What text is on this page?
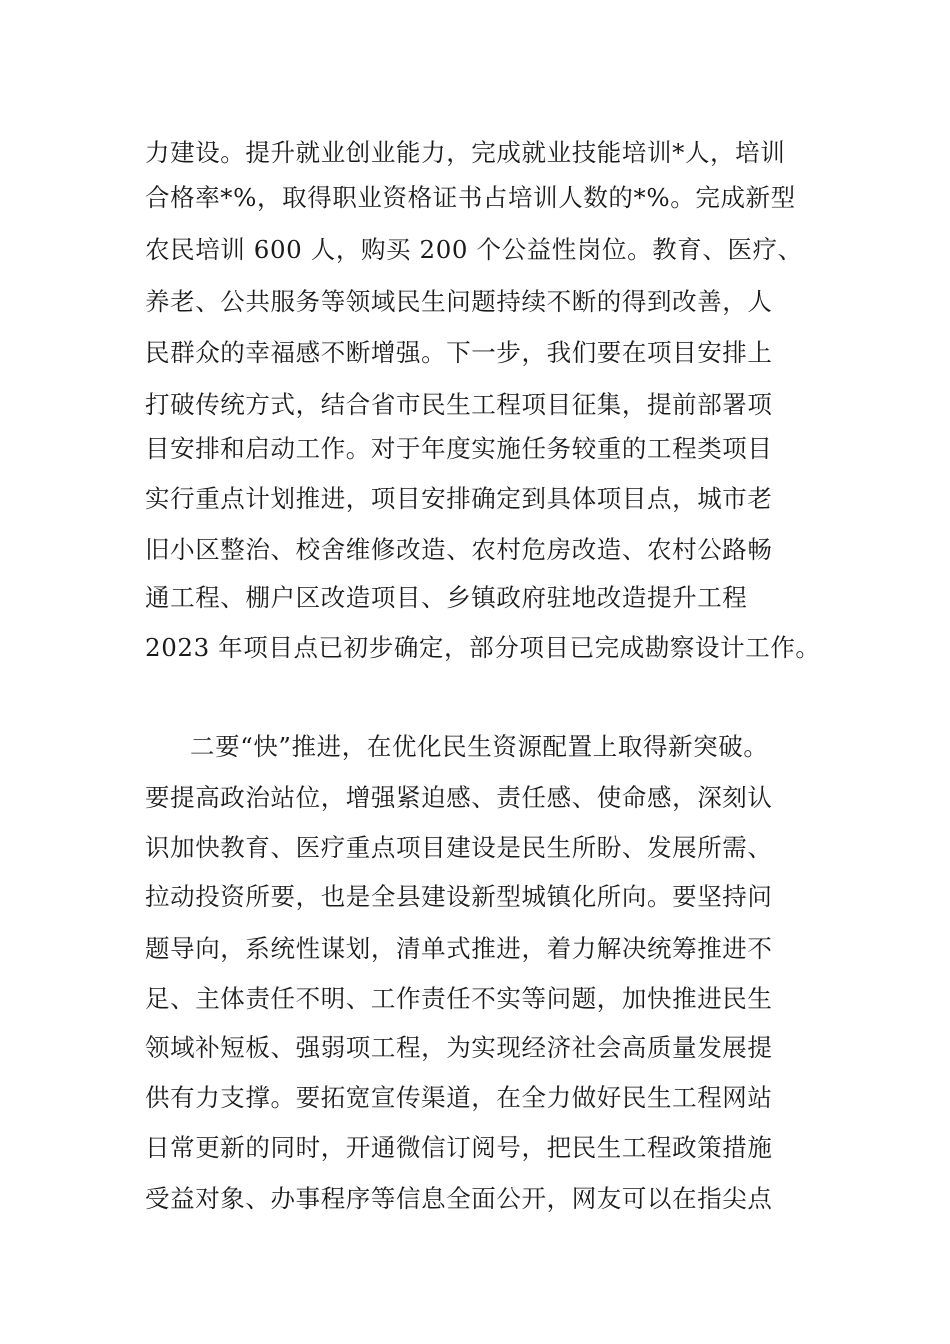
力建设。提升就业创业能力，完成就业技能培训*人，培训
合格率*%，取得职业资格证书占培训人数的*%。完成新型
农民培训 600 人，购买 200 个公益性岗位。教育、医疗、
养老、公共服务等领域民生问题持续不断的得到改善，人
民群众的幸福感不断增强。下一步，我们要在项目安排上
打破传统方式，结合省市民生工程项目征集，提前部署项
目安排和启动工作。对于年度实施任务较重的工程类项目
实行重点计划推进，项目安排确定到具体项目点，城市老
旧小区整治、校舍维修改造、农村危房改造、农村公路畅
通工程、棚户区改造项目、乡镇政府驻地改造提升工程
2023 年项目点已初步确定，部分项目已完成勘察设计工作。
二要“快”推进，在优化民生资源配置上取得新突破。
要提高政治站位，增强紧迫感、责任感、使命感，深刻认
识加快教育、医疗重点项目建设是民生所盼、发展所需、
拉动投资所要，也是全县建设新型城镇化所向。要坚持问
题导向，系统性谋划，清单式推进，着力解决统筹推进不
足、主体责任不明、工作责任不实等问题，加快推进民生
领域补短板、强弱项工程，为实现经济社会高质量发展提
供有力支撑。要拓宽宣传渠道，在全力做好民生工程网站
日常更新的同时，开通微信订阅号，把民生工程政策措施
受益对象、办事程序等信息全面公开，网友可以在指尖点
